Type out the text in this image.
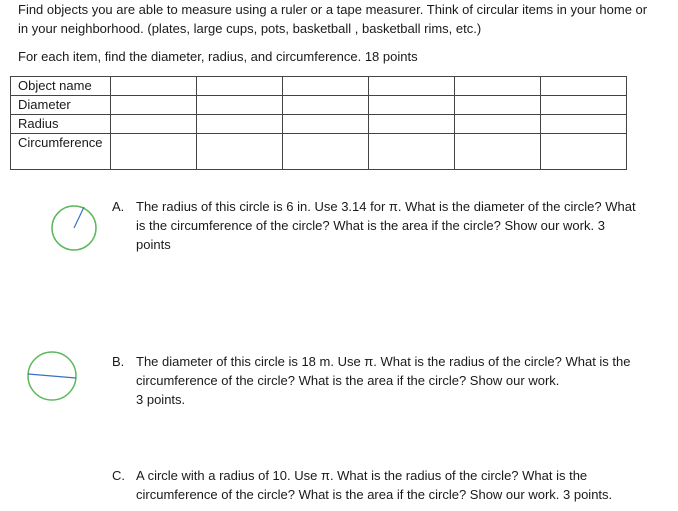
Find objects you are able to measure using a ruler or a tape measurer. Think of circular items in your home or in your neighborhood. (plates, large cups, pots, basketball , basketball rims, etc.)

For each item, find the diameter, radius, and circumference. 18 points

Object name						
Diameter						
Radius						
Circumference						
A. The radius of this circle is 6 in. Use 3.14 for π. What is the diameter of the circle? What is the circumference of the circle? What is the area if the circle? Show our work. 3 points
B. The diameter of this circle is 18 m. Use π. What is the radius of the circle? What is the circumference of the circle? What is the area if the circle? Show our work.
3 points.
C. A circle with a radius of 10. Use π. What is the radius of the circle? What is the circumference of the circle? What is the area if the circle? Show our work. 3 points.
